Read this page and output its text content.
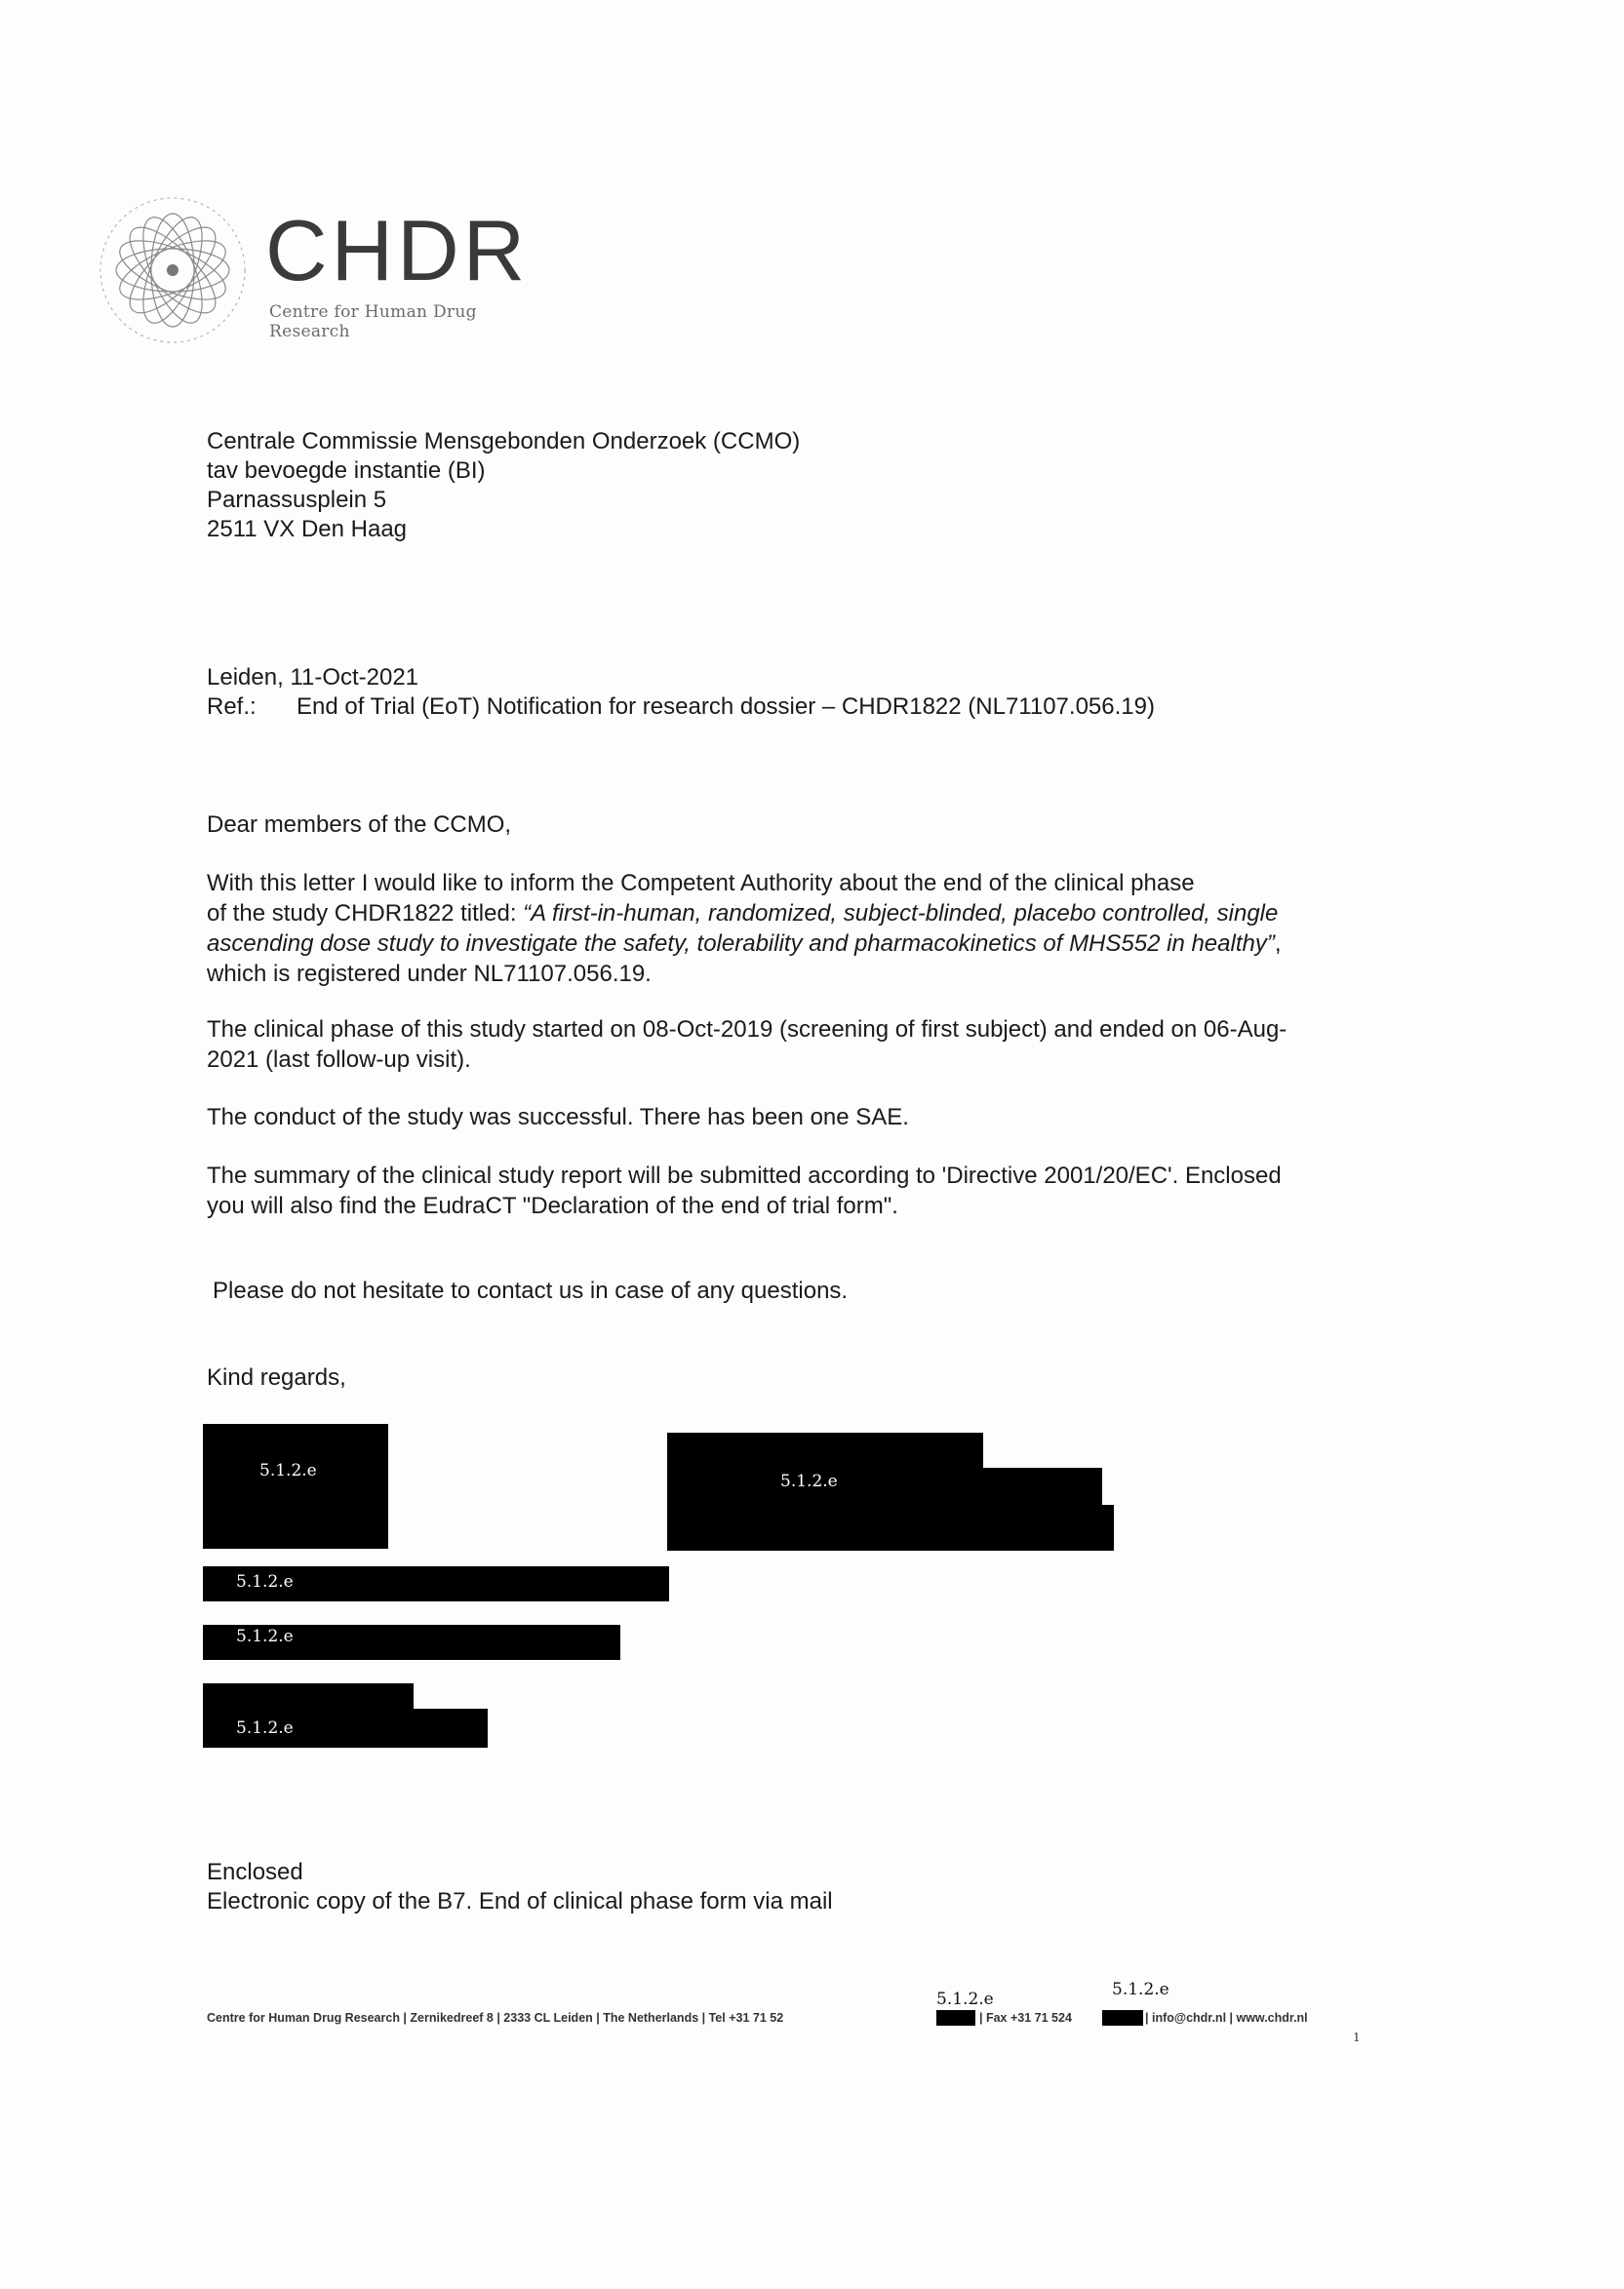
CHDR
Centre for Human Drug Research
Centrale Commissie Mensgebonden Onderzoek (CCMO)
tav bevoegde instantie (BI)
Parnassusplein 5
2511 VX Den Haag
Leiden, 11-Oct-2021
Ref.:	End of Trial (EoT) Notification for research dossier – CHDR1822 (NL71107.056.19)
Dear members of the CCMO,
With this letter I would like to inform the Competent Authority about the end of the clinical phase
of the study CHDR1822 titled: “A first-in-human, randomized, subject-blinded, placebo controlled, single
ascending dose study to investigate the safety, tolerability and pharmacokinetics of MHS552 in healthy”,
which is registered under NL71107.056.19.
The clinical phase of this study started on 08-Oct-2019 (screening of first subject) and ended on 06-Aug-
2021 (last follow-up visit).
The conduct of the study was successful. There has been one SAE.
The summary of the clinical study report will be submitted according to 'Directive 2001/20/EC'. Enclosed
you will also find the EudraCT "Declaration of the end of trial form".
Please do not hesitate to contact us in case of any questions.
Kind regards,
5.1.2.e
5.1.2.e
5.1.2.e
5.1.2.e
5.1.2.e
Enclosed
Electronic copy of the B7. End of clinical phase form via mail
Centre for Human Drug Research | Zernikedreef 8 | 2333 CL Leiden | The Netherlands | Tel +31 71 52
5.1.2.e
| Fax +31 71 524
5.1.2.e
| info@chdr.nl | www.chdr.nl
1
